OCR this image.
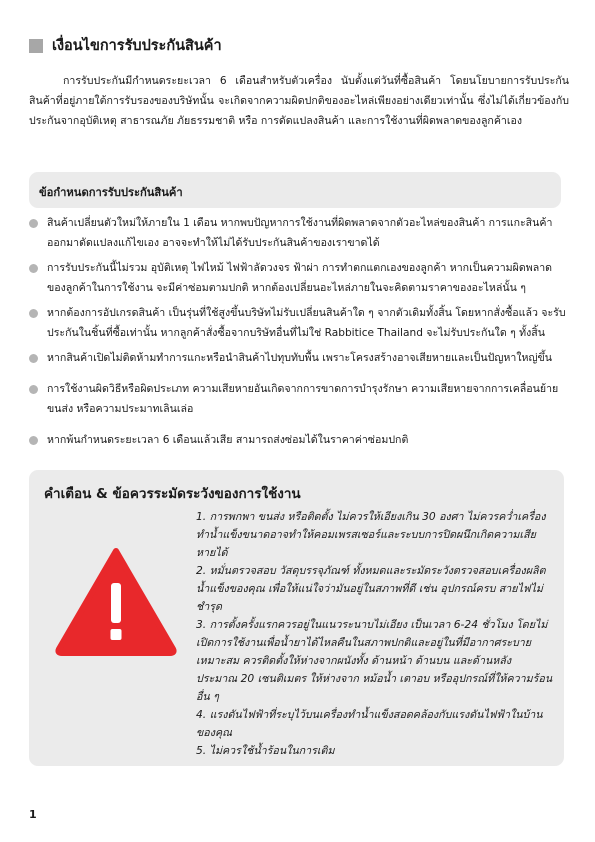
เงื่อนไขการรับประกันสินค้า

การรับประกันมีกำหนดระยะเวลา 6 เดือนสำหรับตัวเครื่อง นับตั้งแต่วันที่ซื้อสินค้า โดยนโยบายการรับประกันสินค้าที่อยู่ภายใต้การรับรองของบริษัทนั้น จะเกิดจากความผิดปกติของอะไหล่เพียงอย่างเดียวเท่านั้น ซึ่งไม่ได้เกี่ยวข้องกับประกันจากอุบัติเหตุ สาธารณภัย ภัยธรรมชาติ หรือ การดัดแปลงสินค้า และการใช้งานที่ผิดพลาดของลูกค้าเอง

ข้อกำหนดการรับประกันสินค้า
สินค้าเปลี่ยนตัวใหม่ให้ภายใน 1 เดือน หากพบปัญหาการใช้งานที่ผิดพลาดจากตัวอะไหล่ของสินค้า การแกะสินค้าออกมาดัดแปลงแก้ไขเอง อาจจะทำให้ไม่ได้รับประกันสินค้าของเราขาดได้
การรับประกันนี้ไม่รวม อุบัติเหตุ ไฟไหม้ ไฟฟ้าลัดวงจร ฟ้าผ่า การทำตกแตกเองของลูกค้า หากเป็นความผิดพลาดของลูกค้าในการใช้งาน จะมีค่าซ่อมตามปกติ หากต้องเปลี่ยนอะไหล่ภายในจะคิดตามราคาของอะไหล่นั้น ๆ
หากต้องการอัปเกรดสินค้า เป็นรุ่นที่ใช้สูงขึ้นบริษัทไม่รับเปลี่ยนสินค้าใด ๆ จากตัวเดิมทั้งสิ้น โดยหากสั่งซื้อแล้ว จะรับประกันในชิ้นที่ซื้อเท่านั้น หากลูกค้าสั่งซื้อจากบริษัทอื่นที่ไม่ใช่ Rabbitice Thailand จะไม่รับประกันใด ๆ ทั้งสิ้น
หากสินค้าเปิดไม่ติดห้ามทำการแกะหรือนำสินค้าไปทุบทับพื้น เพราะโครงสร้างอาจเสียหายและเป็นปัญหาใหญ่ขึ้น
การใช้งานผิดวิธีหรือผิดประเภท ความเสียหายอันเกิดจากการขาดการบำรุงรักษา ความเสียหายจากการเคลื่อนย้าย ขนส่ง หรือความประมาทเลินเล่อ
หากพ้นกำหนดระยะเวลา 6 เดือนแล้วเสีย สามารถส่งซ่อมได้ในราคาค่าซ่อมปกติ
คำเตือน & ข้อควรระมัดระวังของการใช้งาน
1. การพกพา ขนส่ง หรือติดตั้ง ไม่ควรให้เอียงเกิน 30 องศา ไม่ควรคว่ำเครื่องทำน้ำแข็งขนาดอาจทำให้คอมเพรสเซอร์และระบบการปิดผนึกเกิดความเสียหายได้
2. หมั่นตรวจสอบ วัสดุบรรจุภัณฑ์ ทั้งหมดและระมัดระวังตรวจสอบเครื่องผลิตน้ำแข็งของคุณ เพื่อให้แน่ใจว่ามันอยู่ในสภาพที่ดี เช่น อุปกรณ์ครบ สายไฟไม่ชำรุด
3. การตั้งครั้งแรกควรอยู่ในแนวระนาบไม่เอียง เป็นเวลา 6-24 ชั่วโมง โดยไม่เปิดการใช้งานเพื่อน้ำยาได้ไหลคืนในสภาพปกติและอยู่ในที่มีอากาศระบายเหมาะสม ควรติดตั้งให้ห่างจากผนังทั้ง ด้านหน้า ด้านบน และด้านหลัง ประมาณ 20 เซนติเมตร ให้ห่างจาก หม้อน้ำ เตาอบ หรืออุปกรณ์ที่ให้ความร้อนอื่น ๆ
4. แรงดันไฟฟ้าที่ระบุไว้บนเครื่องทำน้ำแข็งสอดคล้องกับแรงดันไฟฟ้าในบ้านของคุณ
5. ไม่ควรใช้น้ำร้อนในการเติม
1
